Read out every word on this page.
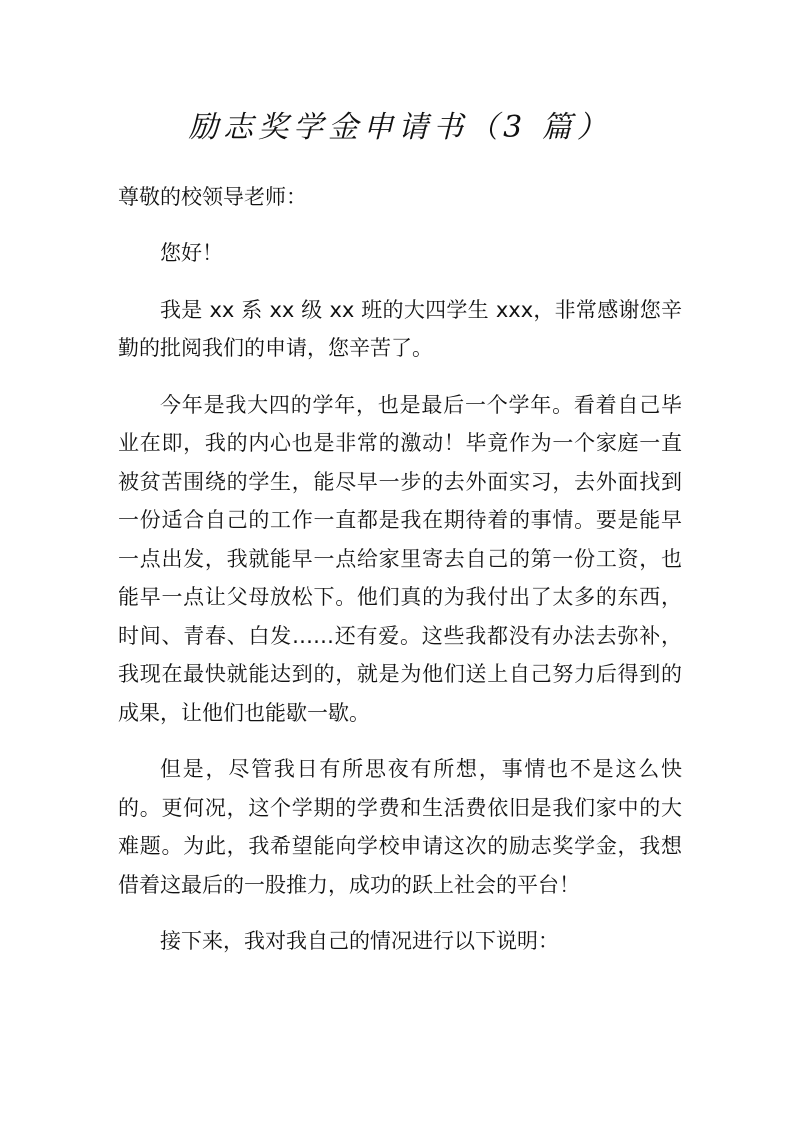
励志奖学金申请书（3 篇）

尊敬的校领导老师：

您好！

我是 xx 系 xx 级 xx 班的大四学生 xxx，非常感谢您辛勤的批阅我们的申请，您辛苦了。

今年是我大四的学年，也是最后一个学年。看着自己毕业在即，我的内心也是非常的激动！毕竟作为一个家庭一直被贫苦围绕的学生，能尽早一步的去外面实习，去外面找到一份适合自己的工作一直都是我在期待着的事情。要是能早一点出发，我就能早一点给家里寄去自己的第一份工资，也能早一点让父母放松下。他们真的为我付出了太多的东西，时间、青春、白发……还有爱。这些我都没有办法去弥补，我现在最快就能达到的，就是为他们送上自己努力后得到的成果，让他们也能歇一歇。

但是，尽管我日有所思夜有所想，事情也不是这么快的。更何况，这个学期的学费和生活费依旧是我们家中的大难题。为此，我希望能向学校申请这次的励志奖学金，我想借着这最后的一股推力，成功的跃上社会的平台！

接下来，我对我自己的情况进行以下说明：
